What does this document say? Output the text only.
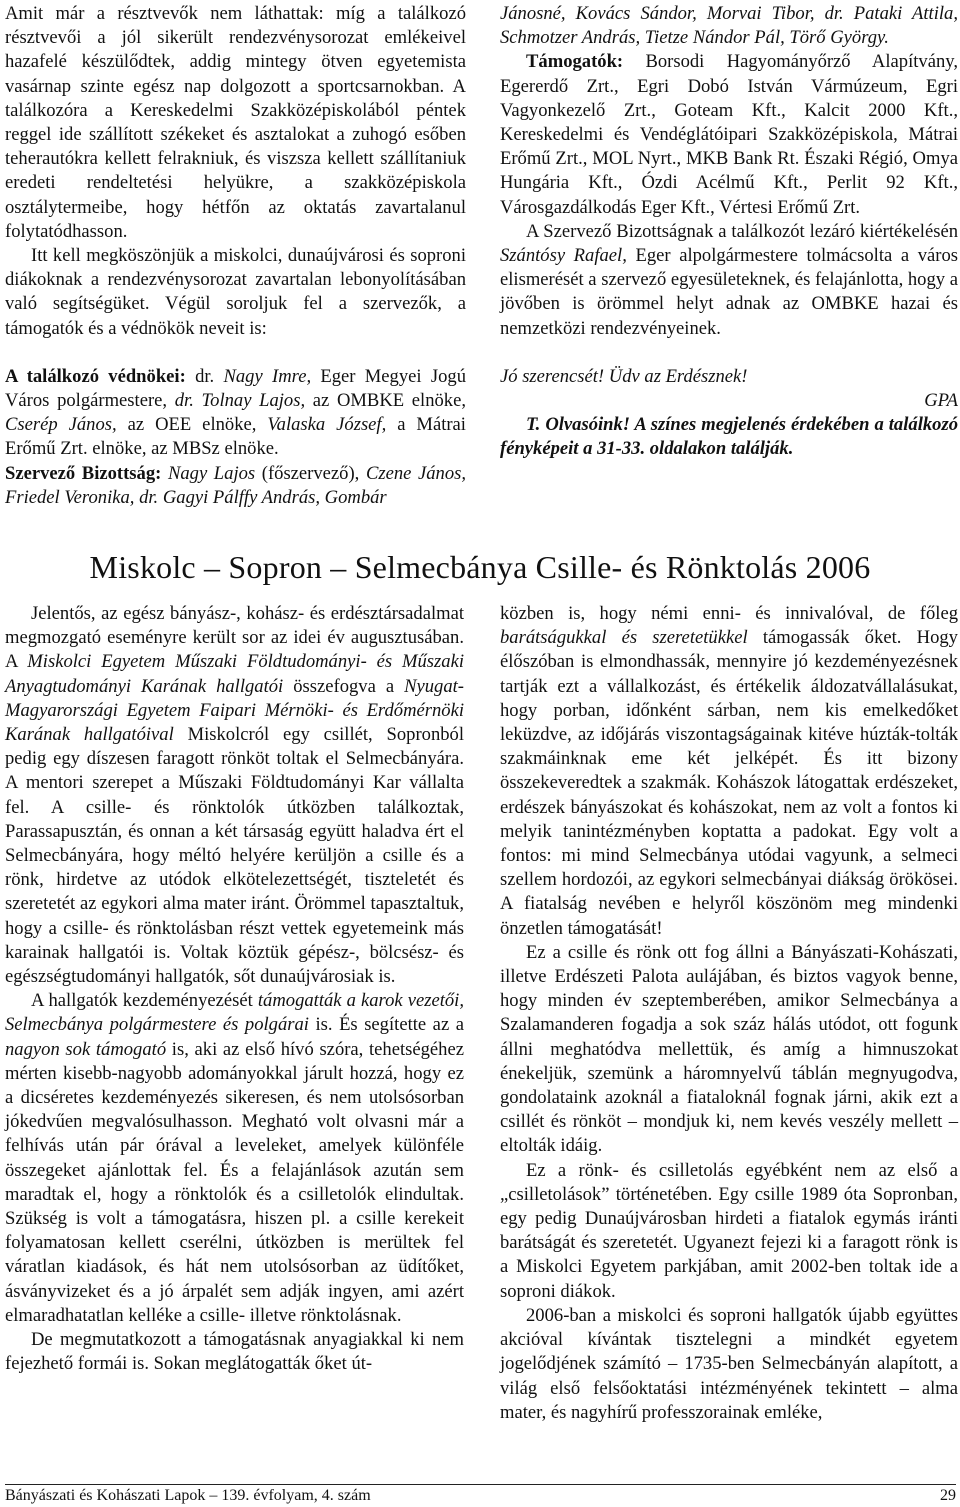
Amit már a résztvevők nem láthattak: míg a találkozó résztvevői a jól sikerült rendezvénysorozat emlékeivel hazafelé készülődtek, addig mintegy ötven egyetemista vasárnap szinte egész nap dolgozott a sportcsarnokban. A találkozóra a Kereskedelmi Szakközépiskolából péntek reggel ide szállított székeket és asztalokat a zuhogó esőben teherautókra kellett felrakniuk, és viszsza kellett szállítaniuk eredeti rendeltetési helyükre, a szakközépiskola osztálytermeibe, hogy hétfőn az oktatás zavartalanul folytatódhasson.

Itt kell megköszönjük a miskolci, dunaújvárosi és soproni diákoknak a rendezvénysorozat zavartalan lebonyolításában való segítségüket. Végül soroljuk fel a szervezők, a támogatók és a védnökök neveit is:

A találkozó védnökei: dr. Nagy Imre, Eger Megyei Jogú Város polgármestere, dr. Tolnay Lajos, az OMBKE elnöke, Cserép János, az OEE elnöke, Valaska József, a Mátrai Erőmű Zrt. elnöke, az MBSz elnöke.

Szervező Bizottság: Nagy Lajos (főszervező), Czene János, Friedel Veronika, dr. Gagyi Pálffy András, Gombár

Jánosné, Kovács Sándor, Morvai Tibor, dr. Pataki Attila, Schmotzer András, Tietze Nándor Pál, Törő György.

Támogatók: Borsodi Hagyományőrző Alapítvány, Egererdő Zrt., Egri Dobó István Vármúzeum, Egri Vagyonkezelő Zrt., Goteam Kft., Kalcit 2000 Kft., Kereskedelmi és Vendéglátóipari Szakközépiskola, Mátrai Erőmű Zrt., MOL Nyrt., MKB Bank Rt. Északi Régió, Omya Hungária Kft., Ózdi Acélmű Kft., Perlit 92 Kft., Városgazdálkodás Eger Kft., Vértesi Erőmű Zrt.

A Szervező Bizottságnak a találkozót lezáró kiértékelésén Szántósy Rafael, Eger alpolgármestere tolmácsolta a város elismerését a szervező egyesületeknek, és felajánlotta, hogy a jövőben is örömmel helyt adnak az OMBKE hazai és nemzetközi rendezvényeinek.

Jó szerencsét! Üdv az Erdésznek!

GPA

T. Olvasóink! A színes megjelenés érdekében a találkozó fényképeit a 31-33. oldalakon találják.

Miskolc – Sopron – Selmecbánya Csille- és Rönktolás 2006

Jelentős, az egész bányász-, kohász- és erdésztársadalmat megmozgató eseményre került sor az idei év augusztusában. A Miskolci Egyetem Műszaki Földtudományi- és Műszaki Anyagtudományi Karának hallgatói összefogva a Nyugat-Magyarországi Egyetem Faipari Mérnöki- és Erdőmérnöki Karának hallgatóival Miskolcról egy csillét, Sopronból pedig egy díszesen faragott rönköt toltak el Selmecbányára. A mentori szerepet a Műszaki Földtudományi Kar vállalta fel. A csille- és rönktolók útközben találkoztak, Parassapusztán, és onnan a két társaság együtt haladva ért el Selmecbányára, hogy méltó helyére kerüljön a csille és a rönk, hirdetve az utódok elkötelezettségét, tiszteletét és szeretetét az egykori alma mater iránt. Örömmel tapasztaltuk, hogy a csille- és rönktolásban részt vettek egyetemeink más karainak hallgatói is. Voltak köztük gépész-, bölcsész- és egészségtudományi hallgatók, sőt dunaújvárosiak is.

A hallgatók kezdeményezését támogatták a karok vezetői, Selmecbánya polgármestere és polgárai is. És segítette az a nagyon sok támogató is, aki az első hívó szóra, tehetségéhez mérten kisebb-nagyobb adományokkal járult hozzá, hogy ez a dicséretes kezdeményezés sikeresen, és nem utolsósorban jókedvűen megvalósulhasson. Megható volt olvasni már a felhívás után pár órával a leveleket, amelyek különféle összegeket ajánlottak fel. És a felajánlások azután sem maradtak el, hogy a rönktolók és a csilletolók elindultak. Szükség is volt a támogatásra, hiszen pl. a csille kerekeit folyamatosan kellett cserélni, útközben is merültek fel váratlan kiadások, és hát nem utolsósorban az üdítőket, ásványvizeket és a jó árpalét sem adják ingyen, ami azért elmaradhatatlan kelléke a csille- illetve rönktolásnak.

De megmutatkozott a támogatásnak anyagiakkal ki nem fejezhető formái is. Sokan meglátogatták őket út-

közben is, hogy némi enni- és innivalóval, de főleg barátságukkal és szeretetükkel támogassák őket. Hogy élőszóban is elmondhassák, mennyire jó kezdeményezésnek tartják ezt a vállalkozást, és értékelik áldozatvállalásukat, hogy porban, időnként sárban, nem kis emelkedőket leküzdve, az időjárás viszontagságainak kitéve húzták-tolták szakmáinknak eme két jelképét. És itt bizony összekeveredtek a szakmák. Kohászok látogattak erdészeket, erdészek bányászokat és kohászokat, nem az volt a fontos ki melyik tanintézményben koptatta a padokat. Egy volt a fontos: mi mind Selmecbánya utódai vagyunk, a selmeci szellem hordozói, az egykori selmecbányai diákság örökösei. A fiatalság nevében e helyről köszönöm meg mindenki önzetlen támogatását!

Ez a csille és rönk ott fog állni a Bányászati-Kohászati, illetve Erdészeti Palota aulájában, és biztos vagyok benne, hogy minden év szeptemberében, amikor Selmecbánya a Szalamanderen fogadja a sok száz hálás utódot, ott fogunk állni meghatódva mellettük, és amíg a himnuszokat énekeljük, szemünk a háromnyelvű táblán megnyugodva, gondolataink azoknál a fiataloknál fognak járni, akik ezt a csillét és rönköt – mondjuk ki, nem kevés veszély mellett – eltolták idáig.

Ez a rönk- és csilletolás egyébként nem az első a „csilletolások” történetében. Egy csille 1989 óta Sopronban, egy pedig Dunaújvárosban hirdeti a fiatalok egymás iránti barátságát és szeretetét. Ugyanezt fejezi ki a faragott rönk is a Miskolci Egyetem parkjában, amit 2002-ben toltak ide a soproni diákok.

2006-ban a miskolci és soproni hallgatók újabb együttes akcióval kívántak tisztelegni a mindkét egyetem jogelődjének számító – 1735-ben Selmecbányán alapított, a világ első felsőoktatási intézményének tekintett – alma mater, és nagyhírű professzorainak emléke,

Bányászati és Kohászati Lapok – 139. évfolyam, 4. szám	29
